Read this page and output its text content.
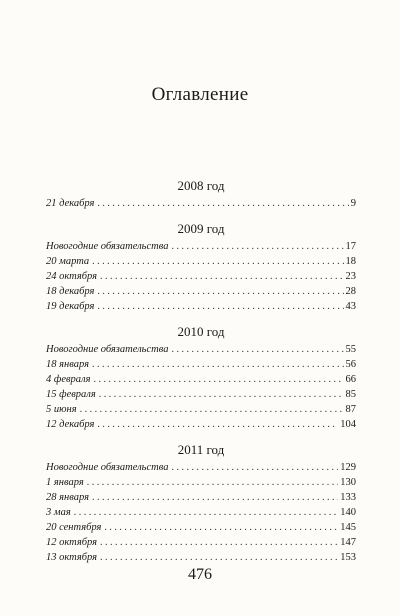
Оглавление
2008 год
21 декабря . . .	9
2009 год
Новогодние обязательства . . .	17
20 марта . . .	18
24 октября . . .	23
18 декабря . . .	28
19 декабря . . .	43
2010 год
Новогодние обязательства . . .	55
18 января . . .	56
4 февраля . . .	66
15 февраля . . .	85
5 июня . . .	87
12 декабря . . .	104
2011 год
Новогодние обязательства . . .	129
1 января . . .	130
28 января . . .	133
3 мая . . .	140
20 сентября . . .	145
12 октября . . .	147
13 октября . . .	153
476
